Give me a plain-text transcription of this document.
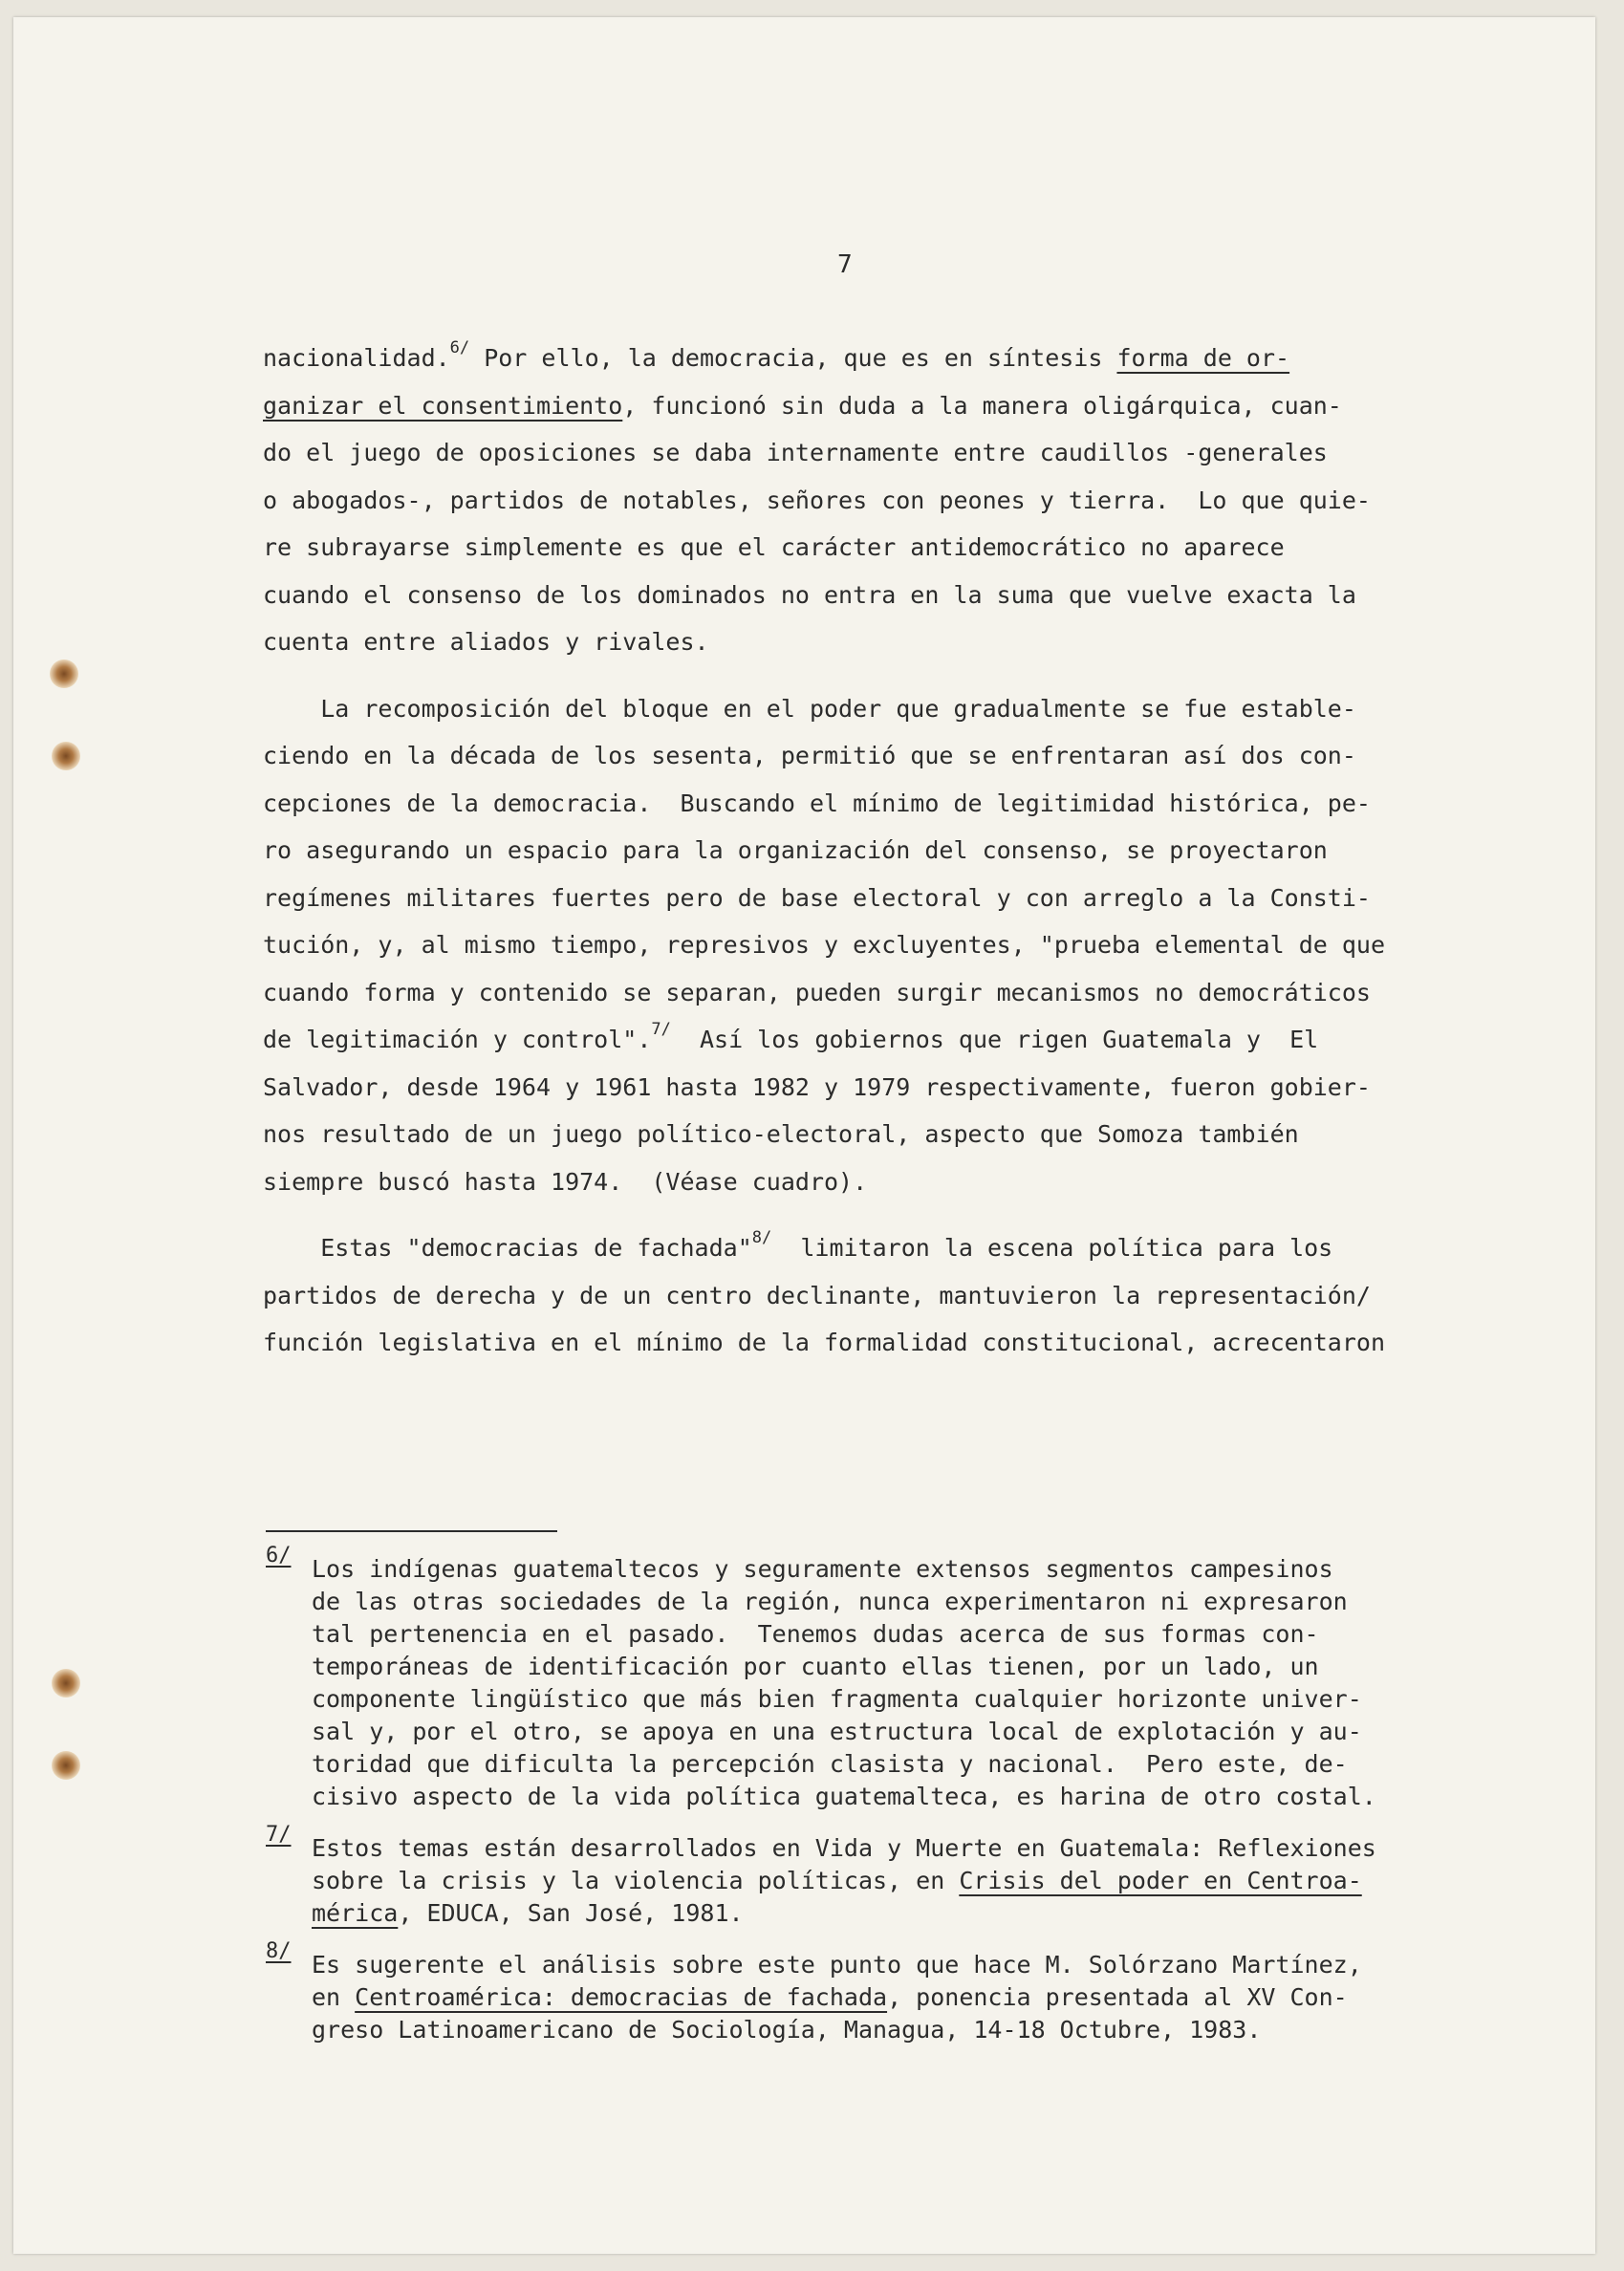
7
nacionalidad.$^{6/}$ Por ello, la democracia, que es en síntesis forma de or-
ganizar el consentimiento, funcionó sin duda a la manera oligárquica, cuan-
do el juego de oposiciones se daba internamente entre caudillos -generales
o abogados-, partidos de notables, señores con peones y tierra.  Lo que quie-
re subrayarse simplemente es que el carácter antidemocrático no aparece
cuando el consenso de los dominados no entra en la suma que vuelve exacta la
cuenta entre aliados y rivales.
La recomposición del bloque en el poder que gradualmente se fue estable-
ciendo en la década de los sesenta, permitió que se enfrentaran así dos con-
cepciones de la democracia.  Buscando el mínimo de legitimidad histórica, pe-
ro asegurando un espacio para la organización del consenso, se proyectaron
regímenes militares fuertes pero de base electoral y con arreglo a la Consti-
tución, y, al mismo tiempo, represivos y excluyentes, "prueba elemental de que
cuando forma y contenido se separan, pueden surgir mecanismos no democráticos
de legitimación y control".$^{7/}$  Así los gobiernos que rigen Guatemala y  El
Salvador, desde 1964 y 1961 hasta 1982 y 1979 respectivamente, fueron gobier-
nos resultado de un juego político-electoral, aspecto que Somoza también
siempre buscó hasta 1974.  (Véase cuadro).
Estas "democracias de fachada"$^{8/}$  limitaron la escena política para los
partidos de derecha y de un centro declinante, mantuvieron la representación/
función legislativa en el mínimo de la formalidad constitucional, acrecentaron
6/ Los indígenas guatemaltecos y seguramente extensos segmentos campesinos
de las otras sociedades de la región, nunca experimentaron ni expresaron
tal pertenencia en el pasado.  Tenemos dudas acerca de sus formas con-
temporáneas de identificación por cuanto ellas tienen, por un lado, un
componente lingüístico que más bien fragmenta cualquier horizonte univer-
sal y, por el otro, se apoya en una estructura local de explotación y au-
toridad que dificulta la percepción clasista y nacional.  Pero este, de-
cisivo aspecto de la vida política guatemalteca, es harina de otro costal.
7/ Estos temas están desarrollados en Vida y Muerte en Guatemala: Reflexiones
sobre la crisis y la violencia políticas, en Crisis del poder en Centroa-
mérica, EDUCA, San José, 1981.
8/ Es sugerente el análisis sobre este punto que hace M. Solórzano Martínez,
en Centroamérica: democracias de fachada, ponencia presentada al XV Con-
greso Latinoamericano de Sociología, Managua, 14-18 Octubre, 1983.
